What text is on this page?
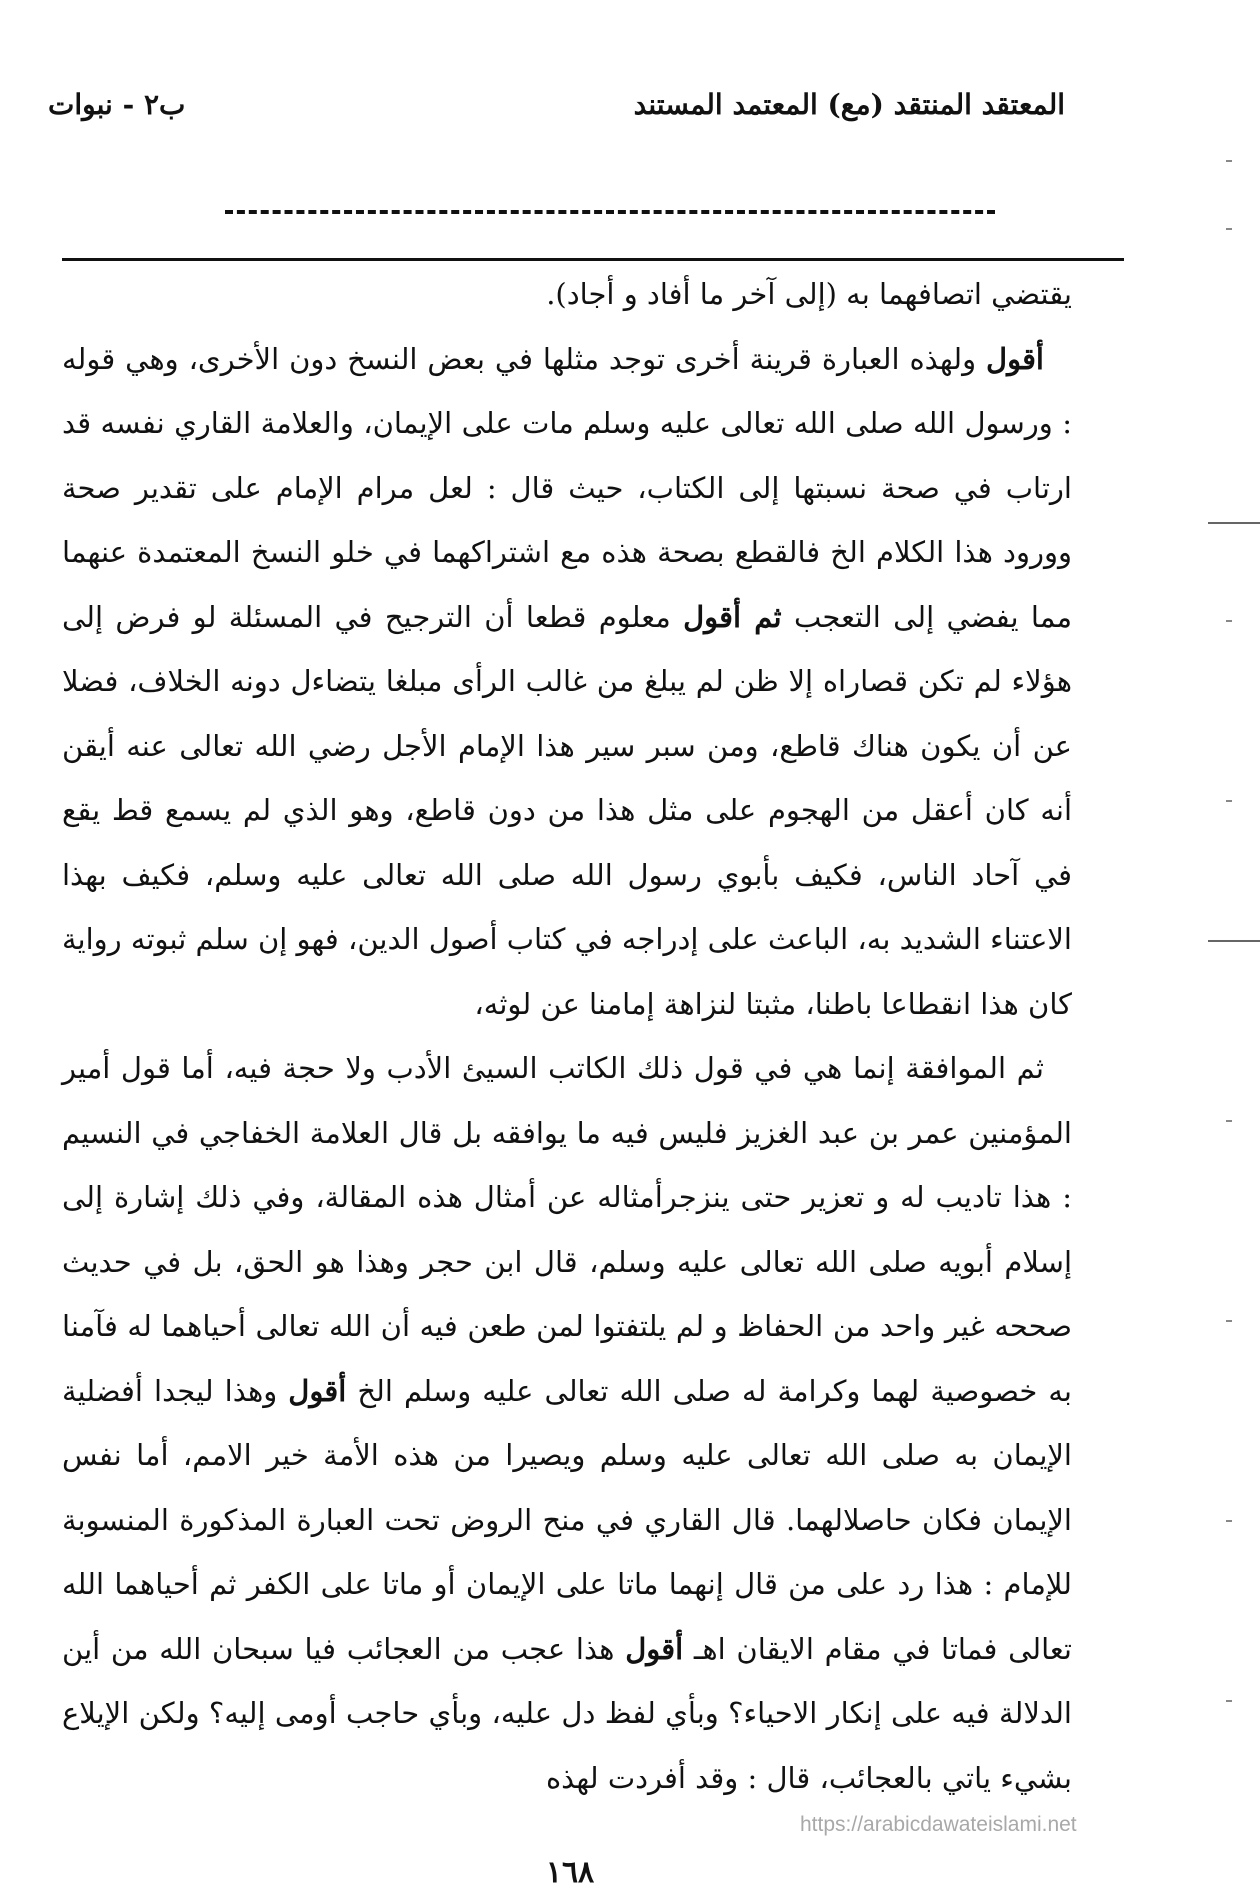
المعتقد المنتقد (مع) المعتمد المستند
ب٢ - نبوات

يقتضي اتصافهما به (إلى آخر ما أفاد و أجاد).

أقول ولهذه العبارة قرينة أخرى توجد مثلها في بعض النسخ دون الأخرى، وهي قوله : ورسول الله صلى الله تعالى عليه وسلم مات على الإيمان، والعلامة القاري نفسه قد ارتاب في صحة نسبتها إلى الكتاب، حيث قال : لعل مرام الإمام على تقدير صحة وورود هذا الكلام الخ فالقطع بصحة هذه مع اشتراكهما في خلو النسخ المعتمدة عنهما مما يفضي إلى التعجب ثم أقول معلوم قطعا أن الترجيح في المسئلة لو فرض إلى هؤلاء لم تكن قصاراه إلا ظن لم يبلغ من غالب الرأى مبلغا يتضاءل دونه الخلاف، فضلا عن أن يكون هناك قاطع، ومن سبر سير هذا الإمام الأجل رضي الله تعالى عنه أيقن أنه كان أعقل من الهجوم على مثل هذا من دون قاطع، وهو الذي لم يسمع قط يقع في آحاد الناس، فكيف بأبوي رسول الله صلى الله تعالى عليه وسلم، فكيف بهذا الاعتناء الشديد به، الباعث على إدراجه في كتاب أصول الدين، فهو إن سلم ثبوته رواية كان هذا انقطاعا باطنا، مثبتا لنزاهة إمامنا عن لوثه،

ثم الموافقة إنما هي في قول ذلك الكاتب السيئ الأدب ولا حجة فيه، أما قول أمير المؤمنين عمر بن عبد الغزيز فليس فيه ما يوافقه بل قال العلامة الخفاجي في النسيم : هذا تاديب له و تعزير حتى ينزجرأمثاله عن أمثال هذه المقالة، وفي ذلك إشارة إلى إسلام أبويه صلى الله تعالى عليه وسلم، قال ابن حجر وهذا هو الحق، بل في حديث صححه غير واحد من الحفاظ و لم يلتفتوا لمن طعن فيه أن الله تعالى أحياهما له فآمنا به خصوصية لهما وكرامة له صلى الله تعالى عليه وسلم الخ أقول وهذا ليجدا أفضلية الإيمان به صلى الله تعالى عليه وسلم ويصيرا من هذه الأمة خير الامم، أما نفس الإيمان فكان حاصلالهما. قال القاري في منح الروض تحت العبارة المذكورة المنسوبة للإمام : هذا رد على من قال إنهما ماتا على الإيمان أو ماتا على الكفر ثم أحياهما الله تعالى فماتا في مقام الايقان اهـ أقول هذا عجب من العجائب فيا سبحان الله من أين الدلالة فيه على إنكار الاحياء؟ وبأي لفظ دل عليه، وبأي حاجب أومى إليه؟ ولكن الإيلاع بشيء ياتي بالعجائب، قال : وقد أفردت لهذه

https://arabicdawateislami.net
١٦٨
